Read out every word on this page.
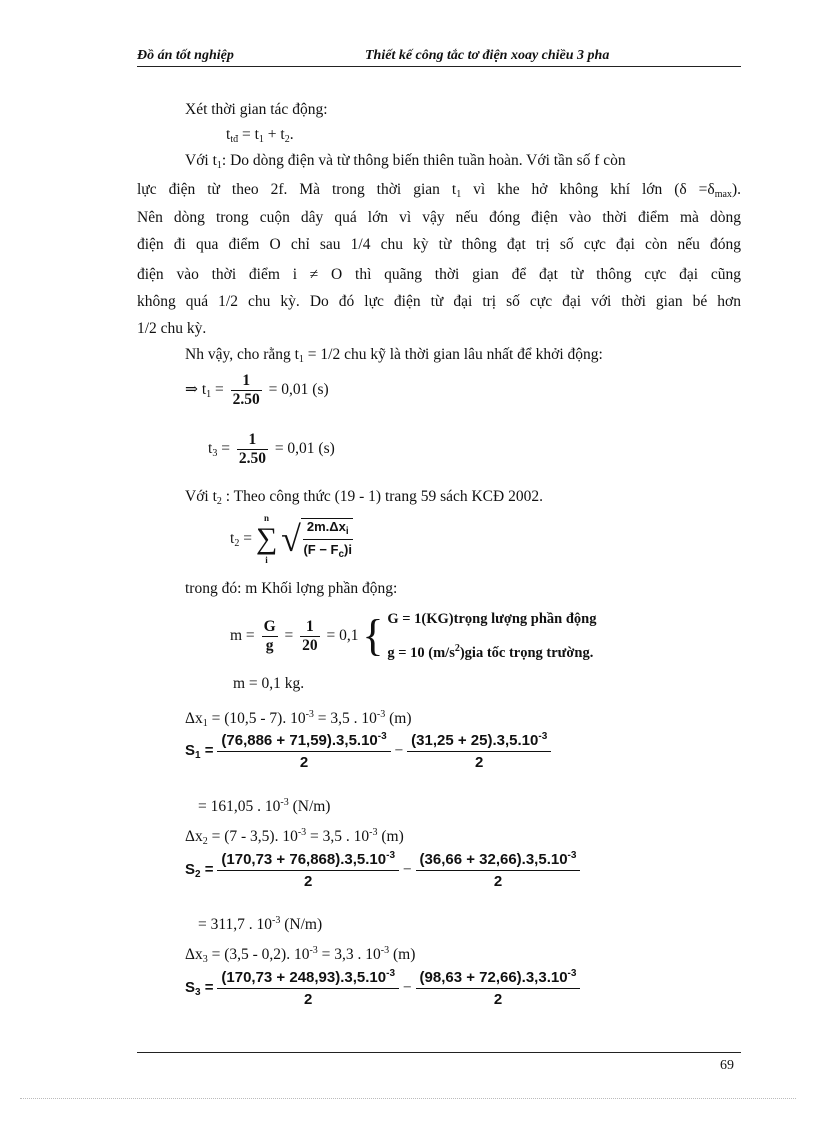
Đồ án tốt nghiệp	Thiết kế công tắc tơ điện xoay chiều 3 pha
Xét thời gian tác động:
$t_{tđ} = t_1 + t_2$.
Với $t_1$: Do dòng điện và từ thông biến thiên tuần hoàn. Với tần số f còn
lực điện từ theo 2f. Mà trong thời gian $t_1$ vì khe hở không khí lớn $(\delta =\delta_{max})$.
Nên dòng trong cuộn dây quá lớn vì vậy nếu đóng điện vào thời điểm mà dòng
điện đi qua điểm O chỉ sau 1/4 chu kỳ từ thông đạt trị số cực đại còn nếu đóng
điện vào thời điểm i ≠ O thì quãng thời gian để đạt từ thông cực đại cũng
không quá 1/2 chu kỳ. Do đó lực điện từ đại trị số cực đại với thời gian bé hơn
1/2 chu kỳ.
Nh vậy, cho rằng $t_1 = 1/2$ chu kỹ là thời gian lâu nhất để khởi động:
⇒ $t_1 = \frac{1}{2.50} = 0,01$ (s)
$t_3 = \frac{1}{2.50} = 0,01$ (s)
Với $t_2$ : Theo công thức (19 - 1) trang 59 sách KCĐ 2002.
$t_2$ =
n
∑
i
√ $2m.\Delta x_i$
$(F - F_c)i$
trong đó: m Khối lợng phần động:
$m = \frac{G}{g} = \frac{1}{20} = 0,1$ { G = 1(KG)trọng lượng phần động
g = 10 $(m/s^2)gia$ tốc trọng trường.
m = 0,1 kg.
$\Delta x_1 = (10,5 - 7)$. $10^{-3} = 3,5$ . $10^{-3}$ (m)
$S_1 = \frac{(76,886 + 71,59).3,5.10^{-3}}{2} - \frac{(31,25 + 25).3,5.10^{-3}}{2}$
= 161,05 . $10^{-3}$ (N/m)
$\Delta x_2 = (7 - 3,5)$. $10^{-3} = 3,5$ . $10^{-3}$ (m)
$S_2 = \frac{(170,73 + 76,868).3,5.10^{-3}}{2} - \frac{(36,66 + 32,66).3,5.10^{-3}}{2}$
= 311,7 . $10^{-3}$ (N/m)
$\Delta x_3 = (3,5 - 0,2)$. $10^{-3} = 3,3$ . $10^{-3}$ (m)
$S_3 = \frac{(170,73 + 248,93).3,5.10^{-3}}{2} - \frac{(98,63 + 72,66).3,3.10^{-3}}{2}$
69
